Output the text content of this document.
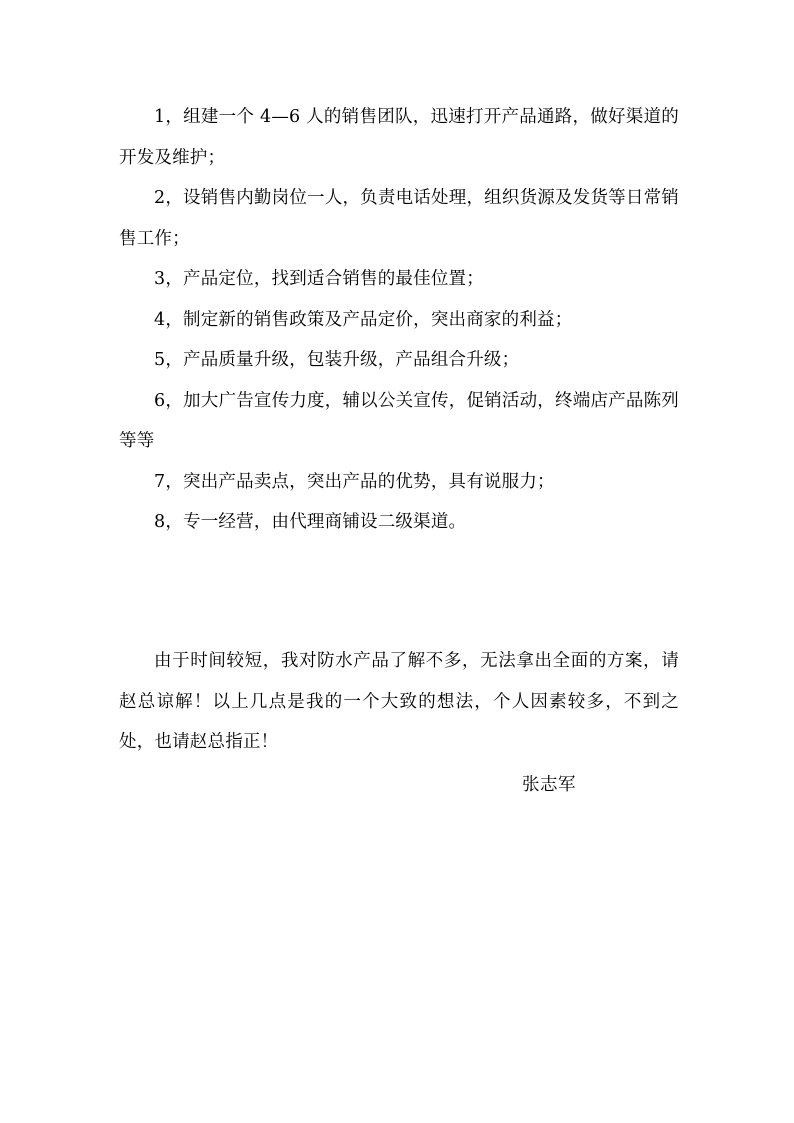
1，组建一个 4—6 人的销售团队，迅速打开产品通路，做好渠道的开发及维护；

2，设销售内勤岗位一人，负责电话处理，组织货源及发货等日常销售工作；

3，产品定位，找到适合销售的最佳位置；

4，制定新的销售政策及产品定价，突出商家的利益；

5，产品质量升级，包装升级，产品组合升级；

6，加大广告宣传力度，辅以公关宣传，促销活动，终端店产品陈列等等

7，突出产品卖点，突出产品的优势，具有说服力；

8，专一经营，由代理商铺设二级渠道。

由于时间较短，我对防水产品了解不多，无法拿出全面的方案，请赵总谅解！以上几点是我的一个大致的想法，个人因素较多，不到之处，也请赵总指正！

张志军
